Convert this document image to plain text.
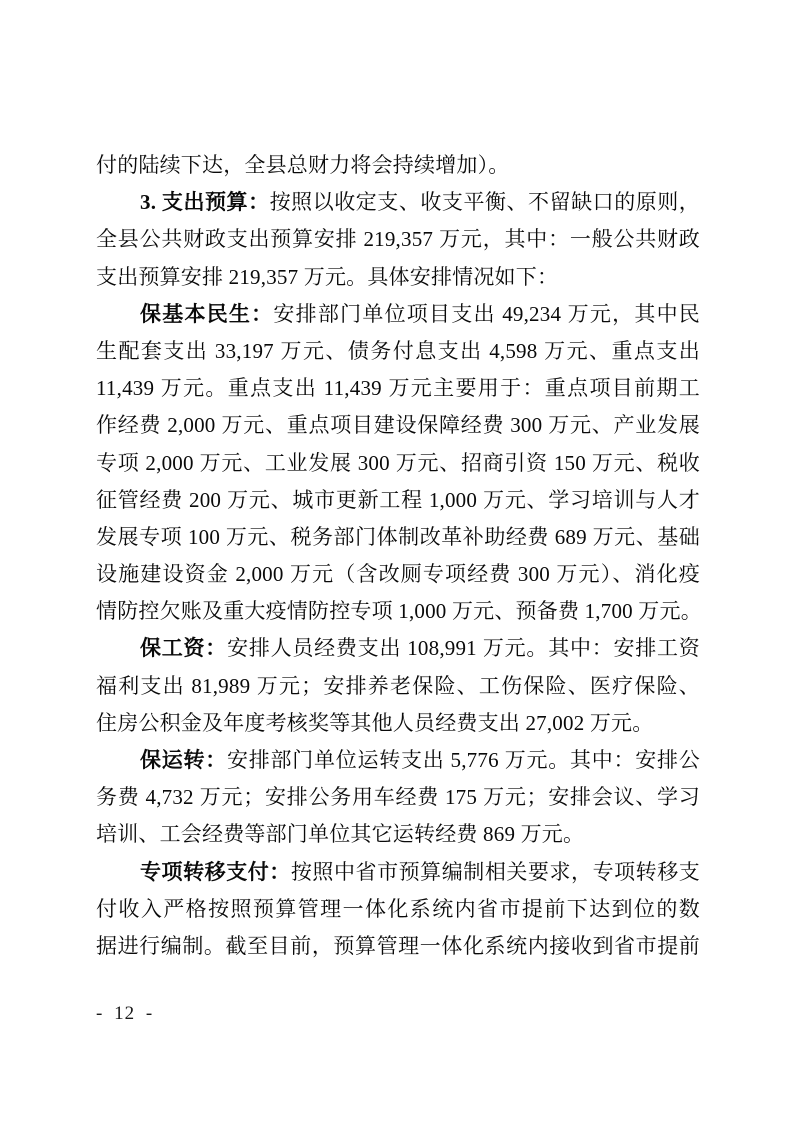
付的陆续下达，全县总财力将会持续增加）。
3. 支出预算：按照以收定支、收支平衡、不留缺口的原则，
全县公共财政支出预算安排 219,357 万元，其中：一般公共财政
支出预算安排 219,357 万元。具体安排情况如下：
保基本民生：安排部门单位项目支出 49,234 万元，其中民
生配套支出 33,197 万元、债务付息支出 4,598 万元、重点支出
11,439 万元。重点支出 11,439 万元主要用于：重点项目前期工
作经费 2,000 万元、重点项目建设保障经费 300 万元、产业发展
专项 2,000 万元、工业发展 300 万元、招商引资 150 万元、税收
征管经费 200 万元、城市更新工程 1,000 万元、学习培训与人才
发展专项 100 万元、税务部门体制改革补助经费 689 万元、基础
设施建设资金 2,000 万元（含改厕专项经费 300 万元）、消化疫
情防控欠账及重大疫情防控专项 1,000 万元、预备费 1,700 万元。
保工资：安排人员经费支出 108,991 万元。其中：安排工资
福利支出 81,989 万元；安排养老保险、工伤保险、医疗保险、
住房公积金及年度考核奖等其他人员经费支出 27,002 万元。
保运转：安排部门单位运转支出 5,776 万元。其中：安排公
务费 4,732 万元；安排公务用车经费 175 万元；安排会议、学习
培训、工会经费等部门单位其它运转经费 869 万元。
专项转移支付：按照中省市预算编制相关要求，专项转移支
付收入严格按照预算管理一体化系统内省市提前下达到位的数
据进行编制。截至目前，预算管理一体化系统内接收到省市提前
- 12 -
